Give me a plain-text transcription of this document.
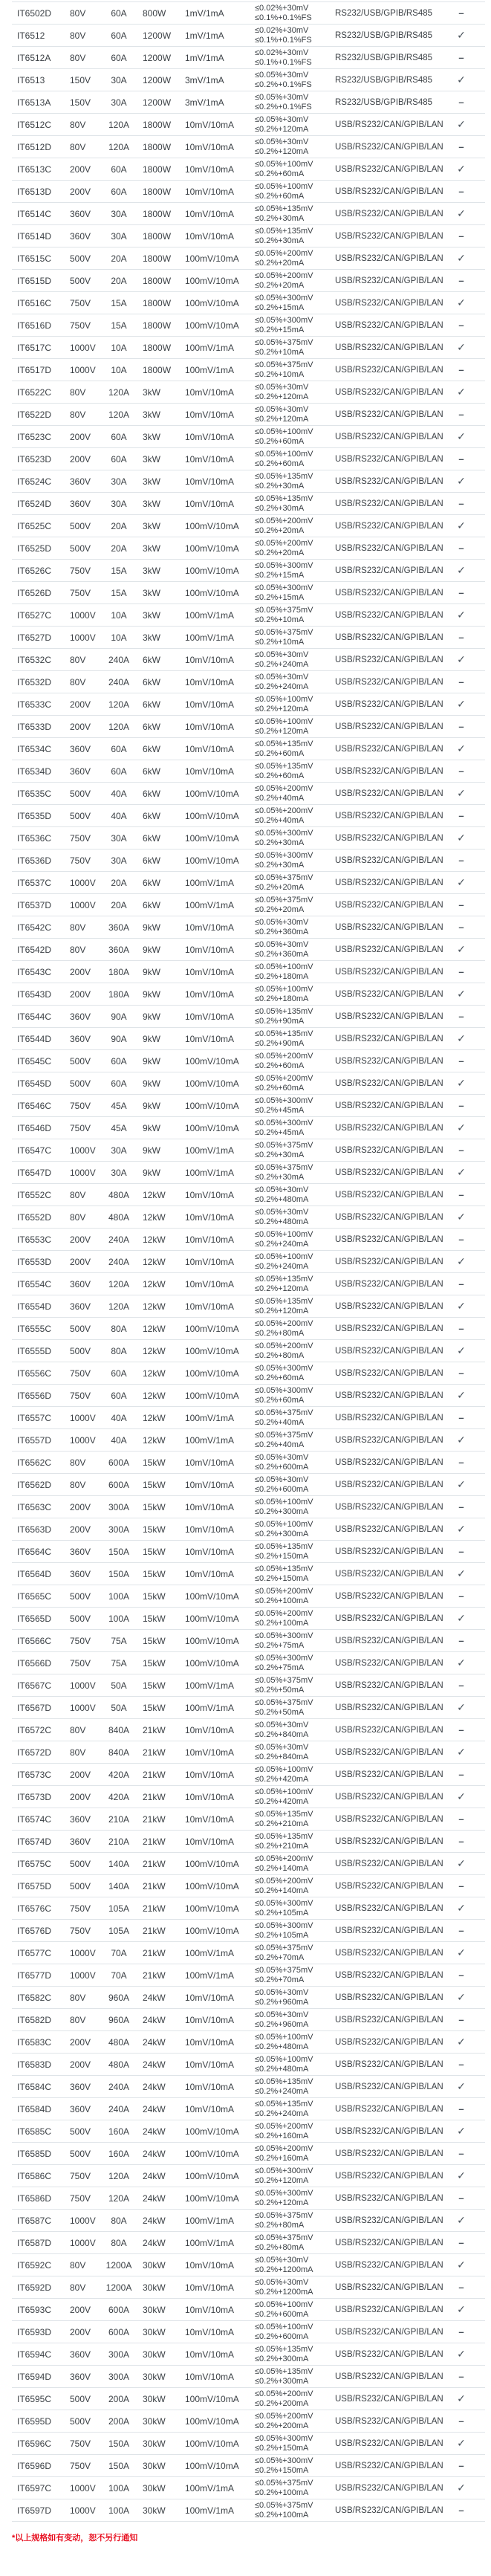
IT6502D 80V	60A	800W 1mV/1mA	≤0.02%+30mV
≤0.1%+0.1%FS	RS232/USB/GPIB/RS485	–
IT6512	80V	60A	1200W 1mV/1mA	≤0.02%+30mV
≤0.1%+0.1%FS	RS232/USB/GPIB/RS485	✓
IT6512A 80V	60A	1200W 1mV/1mA	≤0.02%+30mV
≤0.1%+0.1%FS	RS232/USB/GPIB/RS485	–
IT6513	150V	30A	1200W 3mV/1mA	≤0.05%+30mV
≤0.2%+0.1%FS	RS232/USB/GPIB/RS485	✓
IT6513A 150V	30A	1200W 3mV/1mA	≤0.05%+30mV
≤0.2%+0.1%FS	RS232/USB/GPIB/RS485	–
IT6512C 80V	120A	1800W 10mV/10mA	≤0.05%+30mV
≤0.2%+120mA	USB/RS232/CAN/GPIB/LAN	✓
IT6512D 80V	120A	1800W 10mV/10mA	≤0.05%+30mV
≤0.2%+120mA	USB/RS232/CAN/GPIB/LAN	–
IT6513C 200V	60A	1800W 10mV/10mA	≤0.05%+100mV
≤0.2%+60mA	USB/RS232/CAN/GPIB/LAN	✓
IT6513D 200V	60A	1800W 10mV/10mA	≤0.05%+100mV
≤0.2%+60mA	USB/RS232/CAN/GPIB/LAN	–
IT6514C 360V	30A	1800W 10mV/10mA	≤0.05%+135mV
≤0.2%+30mA	USB/RS232/CAN/GPIB/LAN	✓
IT6514D 360V	30A	1800W 10mV/10mA	≤0.05%+135mV
≤0.2%+30mA	USB/RS232/CAN/GPIB/LAN	–
IT6515C 500V	20A	1800W 100mV/10mA ≤0.05%+200mV
≤0.2%+20mA	USB/RS232/CAN/GPIB/LAN	✓
IT6515D 500V	20A	1800W 100mV/10mA ≤0.05%+200mV
≤0.2%+20mA	USB/RS232/CAN/GPIB/LAN	–
IT6516C 750V	15A	1800W 100mV/10mA ≤0.05%+300mV
≤0.2%+15mA	USB/RS232/CAN/GPIB/LAN	✓
IT6516D 750V	15A	1800W 100mV/10mA ≤0.05%+300mV
≤0.2%+15mA	USB/RS232/CAN/GPIB/LAN	–
IT6517C 1000V	10A	1800W 100mV/1mA	≤0.05%+375mV
≤0.2%+10mA	USB/RS232/CAN/GPIB/LAN	✓
IT6517D 1000V	10A	1800W 100mV/1mA	≤0.05%+375mV
≤0.2%+10mA	USB/RS232/CAN/GPIB/LAN	–
IT6522C 80V	120A	3kW	10mV/10mA	≤0.05%+30mV
≤0.2%+120mA	USB/RS232/CAN/GPIB/LAN	✓
IT6522D 80V	120A	3kW	10mV/10mA	≤0.05%+30mV
≤0.2%+120mA	USB/RS232/CAN/GPIB/LAN	–
IT6523C 200V	60A	3kW	10mV/10mA	≤0.05%+100mV
≤0.2%+60mA	USB/RS232/CAN/GPIB/LAN	✓
IT6523D 200V	60A	3kW	10mV/10mA	≤0.05%+100mV
≤0.2%+60mA	USB/RS232/CAN/GPIB/LAN	–
IT6524C 360V	30A	3kW	10mV/10mA	≤0.05%+135mV
≤0.2%+30mA	USB/RS232/CAN/GPIB/LAN	✓
IT6524D 360V	30A	3kW	10mV/10mA	≤0.05%+135mV
≤0.2%+30mA	USB/RS232/CAN/GPIB/LAN	–
IT6525C 500V	20A	3kW	100mV/10mA ≤0.05%+200mV
≤0.2%+20mA	USB/RS232/CAN/GPIB/LAN	✓
IT6525D 500V	20A	3kW	100mV/10mA ≤0.05%+200mV
≤0.2%+20mA	USB/RS232/CAN/GPIB/LAN	–
IT6526C 750V	15A	3kW	100mV/10mA ≤0.05%+300mV
≤0.2%+15mA	USB/RS232/CAN/GPIB/LAN	✓
IT6526D 750V	15A	3kW	100mV/10mA ≤0.05%+300mV
≤0.2%+15mA	USB/RS232/CAN/GPIB/LAN	–
IT6527C 1000V	10A	3kW	100mV/1mA	≤0.05%+375mV
≤0.2%+10mA	USB/RS232/CAN/GPIB/LAN	✓
IT6527D 1000V	10A	3kW	100mV/1mA	≤0.05%+375mV
≤0.2%+10mA	USB/RS232/CAN/GPIB/LAN	–
IT6532C 80V	240A	6kW	10mV/10mA	≤0.05%+30mV
≤0.2%+240mA	USB/RS232/CAN/GPIB/LAN	✓
IT6532D 80V	240A	6kW	10mV/10mA	≤0.05%+30mV
≤0.2%+240mA	USB/RS232/CAN/GPIB/LAN	–
IT6533C 200V	120A	6kW	10mV/10mA	≤0.05%+100mV
≤0.2%+120mA	USB/RS232/CAN/GPIB/LAN	✓
IT6533D 200V	120A	6kW	10mV/10mA	≤0.05%+100mV
≤0.2%+120mA	USB/RS232/CAN/GPIB/LAN	–
IT6534C 360V	60A	6kW	10mV/10mA	≤0.05%+135mV
≤0.2%+60mA	USB/RS232/CAN/GPIB/LAN	✓
IT6534D 360V	60A	6kW	10mV/10mA	≤0.05%+135mV
≤0.2%+60mA	USB/RS232/CAN/GPIB/LAN	–
IT6535C 500V	40A	6kW	100mV/10mA ≤0.05%+200mV
≤0.2%+40mA	USB/RS232/CAN/GPIB/LAN	✓
IT6535D 500V	40A	6kW	100mV/10mA ≤0.05%+200mV
≤0.2%+40mA	USB/RS232/CAN/GPIB/LAN	–
IT6536C 750V	30A	6kW	100mV/10mA ≤0.05%+300mV
≤0.2%+30mA	USB/RS232/CAN/GPIB/LAN	✓
IT6536D 750V	30A	6kW	100mV/10mA ≤0.05%+300mV
≤0.2%+30mA	USB/RS232/CAN/GPIB/LAN	–
IT6537C 1000V	20A	6kW	100mV/1mA	≤0.05%+375mV
≤0.2%+20mA	USB/RS232/CAN/GPIB/LAN	✓
IT6537D 1000V	20A	6kW	100mV/1mA	≤0.05%+375mV
≤0.2%+20mA	USB/RS232/CAN/GPIB/LAN	–
IT6542C 80V	360A	9kW	10mV/10mA	≤0.05%+30mV
≤0.2%+360mA	USB/RS232/CAN/GPIB/LAN	–
IT6542D 80V	360A	9kW	10mV/10mA	≤0.05%+30mV
≤0.2%+360mA	USB/RS232/CAN/GPIB/LAN	✓
IT6543C 200V	180A	9kW	10mV/10mA	≤0.05%+100mV
≤0.2%+180mA	USB/RS232/CAN/GPIB/LAN	–
IT6543D 200V	180A	9kW	10mV/10mA	≤0.05%+100mV
≤0.2%+180mA	USB/RS232/CAN/GPIB/LAN	✓
IT6544C 360V	90A	9kW	10mV/10mA	≤0.05%+135mV
≤0.2%+90mA	USB/RS232/CAN/GPIB/LAN	–
IT6544D 360V	90A	9kW	10mV/10mA	≤0.05%+135mV
≤0.2%+90mA	USB/RS232/CAN/GPIB/LAN	✓
IT6545C 500V	60A	9kW	100mV/10mA ≤0.05%+200mV
≤0.2%+60mA	USB/RS232/CAN/GPIB/LAN	–
IT6545D 500V	60A	9kW	100mV/10mA ≤0.05%+200mV
≤0.2%+60mA	USB/RS232/CAN/GPIB/LAN	✓
IT6546C 750V	45A	9kW	100mV/10mA ≤0.05%+300mV
≤0.2%+45mA	USB/RS232/CAN/GPIB/LAN	–
IT6546D 750V	45A	9kW	100mV/10mA ≤0.05%+300mV
≤0.2%+45mA	USB/RS232/CAN/GPIB/LAN	✓
IT6547C 1000V	30A	9kW	100mV/1mA	≤0.05%+375mV
≤0.2%+30mA	USB/RS232/CAN/GPIB/LAN	–
IT6547D 1000V	30A	9kW	100mV/1mA	≤0.05%+375mV
≤0.2%+30mA	USB/RS232/CAN/GPIB/LAN	✓
IT6552C 80V	480A	12kW 10mV/10mA	≤0.05%+30mV
≤0.2%+480mA	USB/RS232/CAN/GPIB/LAN	–
IT6552D 80V	480A	12kW 10mV/10mA	≤0.05%+30mV
≤0.2%+480mA	USB/RS232/CAN/GPIB/LAN	✓
IT6553C 200V	240A	12kW 10mV/10mA	≤0.05%+100mV
≤0.2%+240mA	USB/RS232/CAN/GPIB/LAN	–
IT6553D 200V	240A	12kW 10mV/10mA	≤0.05%+100mV
≤0.2%+240mA	USB/RS232/CAN/GPIB/LAN	✓
IT6554C 360V	120A	12kW 10mV/10mA	≤0.05%+135mV
≤0.2%+120mA	USB/RS232/CAN/GPIB/LAN	–
IT6554D 360V	120A	12kW 10mV/10mA	≤0.05%+135mV
≤0.2%+120mA	USB/RS232/CAN/GPIB/LAN	✓
IT6555C 500V	80A	12kW 100mV/10mA ≤0.05%+200mV
≤0.2%+80mA	USB/RS232/CAN/GPIB/LAN	–
IT6555D 500V	80A	12kW 100mV/10mA ≤0.05%+200mV
≤0.2%+80mA	USB/RS232/CAN/GPIB/LAN	✓
IT6556C 750V	60A	12kW 100mV/10mA ≤0.05%+300mV
≤0.2%+60mA	USB/RS232/CAN/GPIB/LAN	–
IT6556D 750V	60A	12kW 100mV/10mA ≤0.05%+300mV
≤0.2%+60mA	USB/RS232/CAN/GPIB/LAN	✓
IT6557C 1000V	40A	12kW 100mV/1mA	≤0.05%+375mV
≤0.2%+40mA	USB/RS232/CAN/GPIB/LAN	–
IT6557D 1000V	40A	12kW 100mV/1mA	≤0.05%+375mV
≤0.2%+40mA	USB/RS232/CAN/GPIB/LAN	✓
IT6562C 80V	600A	15kW 10mV/10mA	≤0.05%+30mV
≤0.2%+600mA	USB/RS232/CAN/GPIB/LAN	–
IT6562D 80V	600A	15kW 10mV/10mA	≤0.05%+30mV
≤0.2%+600mA	USB/RS232/CAN/GPIB/LAN	✓
IT6563C 200V	300A	15kW 10mV/10mA	≤0.05%+100mV
≤0.2%+300mA	USB/RS232/CAN/GPIB/LAN	–
IT6563D 200V	300A	15kW 10mV/10mA	≤0.05%+100mV
≤0.2%+300mA	USB/RS232/CAN/GPIB/LAN	✓
IT6564C 360V	150A	15kW 10mV/10mA	≤0.05%+135mV
≤0.2%+150mA	USB/RS232/CAN/GPIB/LAN	–
IT6564D 360V	150A	15kW 10mV/10mA	≤0.05%+135mV
≤0.2%+150mA	USB/RS232/CAN/GPIB/LAN	✓
IT6565C 500V	100A	15kW 100mV/10mA ≤0.05%+200mV
≤0.2%+100mA	USB/RS232/CAN/GPIB/LAN	–
IT6565D 500V	100A	15kW 100mV/10mA ≤0.05%+200mV
≤0.2%+100mA	USB/RS232/CAN/GPIB/LAN	✓
IT6566C 750V	75A	15kW 100mV/10mA ≤0.05%+300mV
≤0.2%+75mA	USB/RS232/CAN/GPIB/LAN	–
IT6566D 750V	75A	15kW 100mV/10mA ≤0.05%+300mV
≤0.2%+75mA	USB/RS232/CAN/GPIB/LAN	✓
IT6567C 1000V	50A	15kW 100mV/1mA	≤0.05%+375mV
≤0.2%+50mA	USB/RS232/CAN/GPIB/LAN	–
IT6567D 1000V	50A	15kW 100mV/1mA	≤0.05%+375mV
≤0.2%+50mA	USB/RS232/CAN/GPIB/LAN	✓
IT6572C 80V	840A	21kW 10mV/10mA	≤0.05%+30mV
≤0.2%+840mA	USB/RS232/CAN/GPIB/LAN	–
IT6572D 80V	840A	21kW 10mV/10mA	≤0.05%+30mV
≤0.2%+840mA	USB/RS232/CAN/GPIB/LAN	✓
IT6573C 200V	420A	21kW 10mV/10mA	≤0.05%+100mV
≤0.2%+420mA	USB/RS232/CAN/GPIB/LAN	–
IT6573D 200V	420A	21kW 10mV/10mA	≤0.05%+100mV
≤0.2%+420mA	USB/RS232/CAN/GPIB/LAN	✓
IT6574C 360V	210A	21kW 10mV/10mA	≤0.05%+135mV
≤0.2%+210mA	USB/RS232/CAN/GPIB/LAN	–
IT6574D 360V	210A	21kW 10mV/10mA	≤0.05%+135mV
≤0.2%+210mA	USB/RS232/CAN/GPIB/LAN	–
IT6575C 500V	140A	21kW 100mV/10mA ≤0.05%+200mV
≤0.2%+140mA	USB/RS232/CAN/GPIB/LAN	✓
IT6575D 500V	140A	21kW 100mV/10mA ≤0.05%+200mV
≤0.2%+140mA	USB/RS232/CAN/GPIB/LAN	–
IT6576C 750V	105A	21kW 100mV/10mA ≤0.05%+300mV
≤0.2%+105mA	USB/RS232/CAN/GPIB/LAN	✓
IT6576D 750V	105A	21kW 100mV/10mA ≤0.05%+300mV
≤0.2%+105mA	USB/RS232/CAN/GPIB/LAN	–
IT6577C 1000V	70A	21kW 100mV/1mA	≤0.05%+375mV
≤0.2%+70mA	USB/RS232/CAN/GPIB/LAN	✓
IT6577D 1000V	70A	21kW 100mV/1mA	≤0.05%+375mV
≤0.2%+70mA	USB/RS232/CAN/GPIB/LAN	–
IT6582C 80V	960A	24kW 10mV/10mA	≤0.05%+30mV
≤0.2%+960mA	USB/RS232/CAN/GPIB/LAN	✓
IT6582D 80V	960A	24kW 10mV/10mA	≤0.05%+30mV
≤0.2%+960mA	USB/RS232/CAN/GPIB/LAN	–
IT6583C 200V	480A	24kW 10mV/10mA	≤0.05%+100mV
≤0.2%+480mA	USB/RS232/CAN/GPIB/LAN	✓
IT6583D 200V	480A	24kW 10mV/10mA	≤0.05%+100mV
≤0.2%+480mA	USB/RS232/CAN/GPIB/LAN	–
IT6584C 360V	240A	24kW 10mV/10mA	≤0.05%+135mV
≤0.2%+240mA	USB/RS232/CAN/GPIB/LAN	✓
IT6584D 360V	240A	24kW 10mV/10mA	≤0.05%+135mV
≤0.2%+240mA	USB/RS232/CAN/GPIB/LAN	–
IT6585C 500V	160A	24kW 100mV/10mA ≤0.05%+200mV
≤0.2%+160mA	USB/RS232/CAN/GPIB/LAN	✓
IT6585D 500V	160A	24kW 100mV/10mA ≤0.05%+200mV
≤0.2%+160mA	USB/RS232/CAN/GPIB/LAN	–
IT6586C 750V	120A	24kW 100mV/10mA ≤0.05%+300mV
≤0.2%+120mA	USB/RS232/CAN/GPIB/LAN	✓
IT6586D 750V	120A	24kW 100mV/10mA ≤0.05%+300mV
≤0.2%+120mA	USB/RS232/CAN/GPIB/LAN	–
IT6587C 1000V	80A	24kW 100mV/1mA	≤0.05%+375mV
≤0.2%+80mA	USB/RS232/CAN/GPIB/LAN	✓
IT6587D 1000V	80A	24kW 100mV/1mA	≤0.05%+375mV
≤0.2%+80mA	USB/RS232/CAN/GPIB/LAN	–
IT6592C 80V	1200A	30kW 10mV/10mA	≤0.05%+30mV
≤0.2%+1200mA	USB/RS232/CAN/GPIB/LAN	✓
IT6592D 80V	1200A	30kW 10mV/10mA	≤0.05%+30mV
≤0.2%+1200mA	USB/RS232/CAN/GPIB/LAN	–
IT6593C 200V	600A	30kW 10mV/10mA	≤0.05%+100mV
≤0.2%+600mA	USB/RS232/CAN/GPIB/LAN	✓
IT6593D 200V	600A	30kW 10mV/10mA	≤0.05%+100mV
≤0.2%+600mA	USB/RS232/CAN/GPIB/LAN	–
IT6594C 360V	300A	30kW 10mV/10mA	≤0.05%+135mV
≤0.2%+300mA	USB/RS232/CAN/GPIB/LAN	✓
IT6594D 360V	300A	30kW 10mV/10mA	≤0.05%+135mV
≤0.2%+300mA	USB/RS232/CAN/GPIB/LAN	–
IT6595C 500V	200A	30kW 100mV/10mA ≤0.05%+200mV
≤0.2%+200mA	USB/RS232/CAN/GPIB/LAN	✓
IT6595D 500V	200A	30kW 100mV/10mA ≤0.05%+200mV
≤0.2%+200mA	USB/RS232/CAN/GPIB/LAN	–
IT6596C 750V	150A	30kW 100mV/10mA ≤0.05%+300mV
≤0.2%+150mA	USB/RS232/CAN/GPIB/LAN	✓
IT6596D 750V	150A	30kW 100mV/10mA ≤0.05%+300mV
≤0.2%+150mA	USB/RS232/CAN/GPIB/LAN	–
IT6597C 1000V	100A	30kW 100mV/1mA	≤0.05%+375mV
≤0.2%+100mA	USB/RS232/CAN/GPIB/LAN	✓
IT6597D 1000V	100A	30kW 100mV/1mA	≤0.05%+375mV
≤0.2%+100mA	USB/RS232/CAN/GPIB/LAN	–
*以上规格如有变动，恕不另行通知
